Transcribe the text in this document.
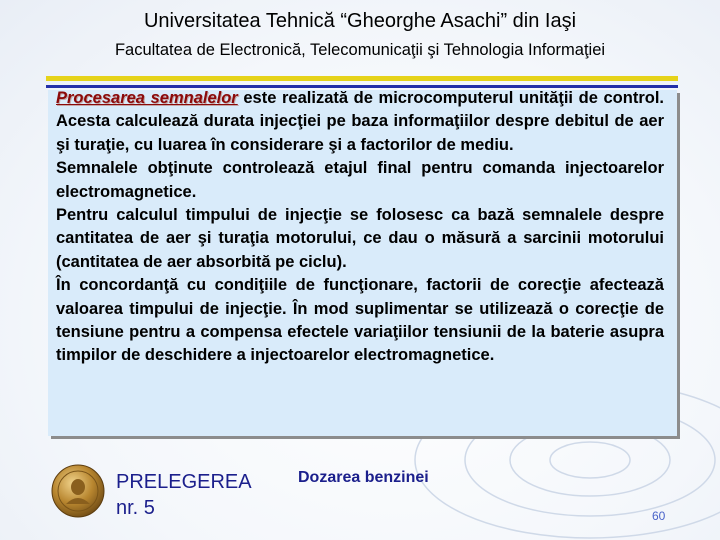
Universitatea Tehnică “Gheorghe Asachi” din Iaşi
Facultatea de Electronică, Telecomunicaţii şi Tehnologia Informaţiei

Procesarea semnalelor este realizată de microcomputerul unităţii de control. Acesta calculează durata injecţiei pe baza informaţiilor despre debitul de aer şi turaţie, cu luarea în considerare şi a factorilor de mediu.

Semnalele obţinute controlează etajul final pentru comanda injectoarelor electromagnetice.

Pentru calculul timpului de injecţie se folosesc ca bază semnalele despre cantitatea de aer şi turaţia motorului, ce dau o măsură a sarcinii motorului (cantitatea de aer absorbită pe ciclu).

În concordanţă cu condiţiile de funcţionare, factorii de corecţie afectează valoarea timpului de injecţie. În mod suplimentar se utilizează o corecţie de tensiune pentru a compensa efectele variaţiilor tensiunii de la baterie asupra timpilor de deschidere a injectoarelor electromagnetice.

PRELEGEREA
nr. 5
Dozarea benzinei
60
